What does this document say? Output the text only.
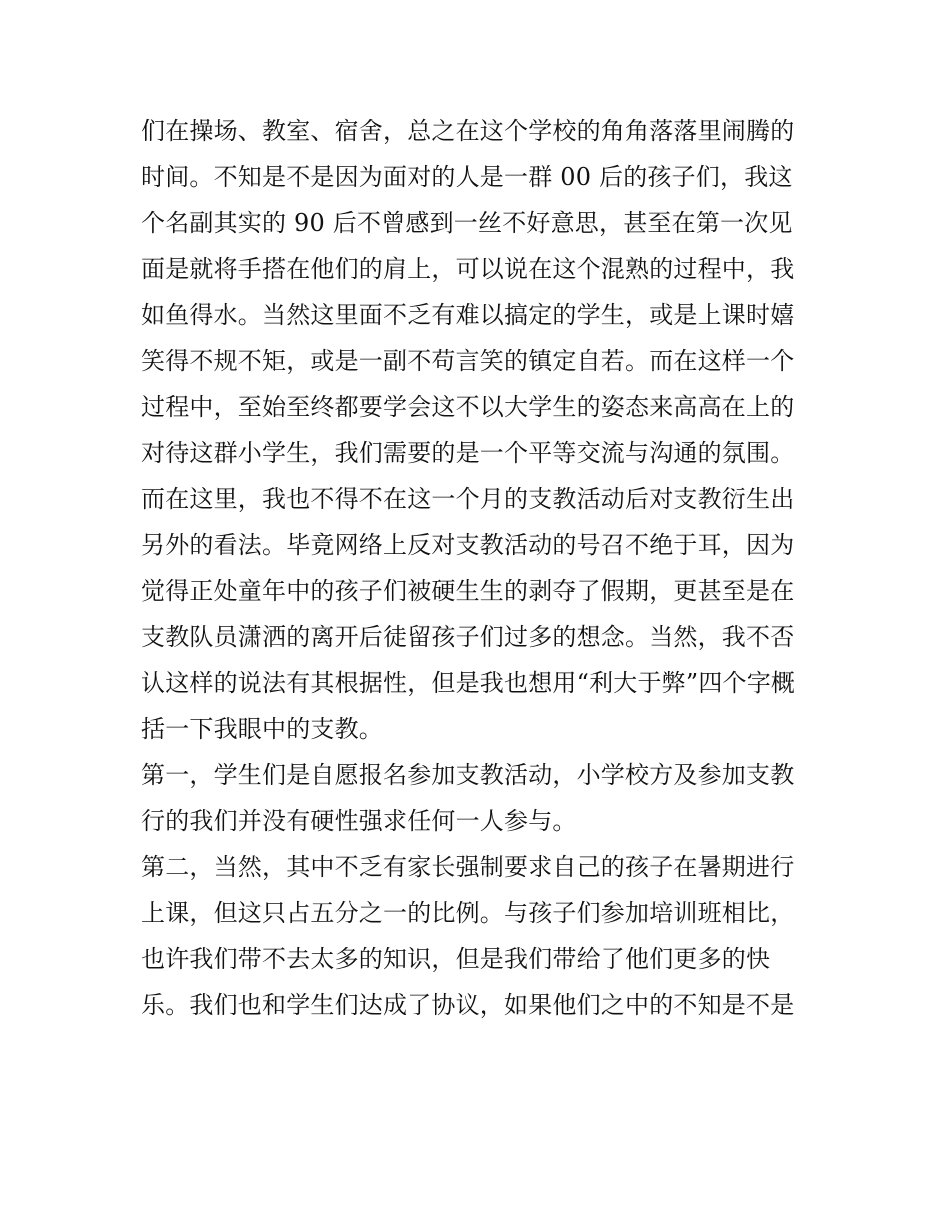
们在操场、教室、宿舍，总之在这个学校的角角落落里闹腾的
时间。不知是不是因为面对的人是一群 00 后的孩子们，我这
个名副其实的 90 后不曾感到一丝不好意思，甚至在第一次见
面是就将手搭在他们的肩上，可以说在这个混熟的过程中，我
如鱼得水。当然这里面不乏有难以搞定的学生，或是上课时嬉
笑得不规不矩，或是一副不苟言笑的镇定自若。而在这样一个
过程中，至始至终都要学会这不以大学生的姿态来高高在上的
对待这群小学生，我们需要的是一个平等交流与沟通的氛围。
而在这里，我也不得不在这一个月的支教活动后对支教衍生出
另外的看法。毕竟网络上反对支教活动的号召不绝于耳，因为
觉得正处童年中的孩子们被硬生生的剥夺了假期，更甚至是在
支教队员潇洒的离开后徒留孩子们过多的想念。当然，我不否
认这样的说法有其根据性，但是我也想用“利大于弊”四个字概
括一下我眼中的支教。
第一，学生们是自愿报名参加支教活动，小学校方及参加支教
行的我们并没有硬性强求任何一人参与。
第二，当然，其中不乏有家长强制要求自己的孩子在暑期进行
上课，但这只占五分之一的比例。与孩子们参加培训班相比，
也许我们带不去太多的知识，但是我们带给了他们更多的快
乐。我们也和学生们达成了协议，如果他们之中的不知是不是
